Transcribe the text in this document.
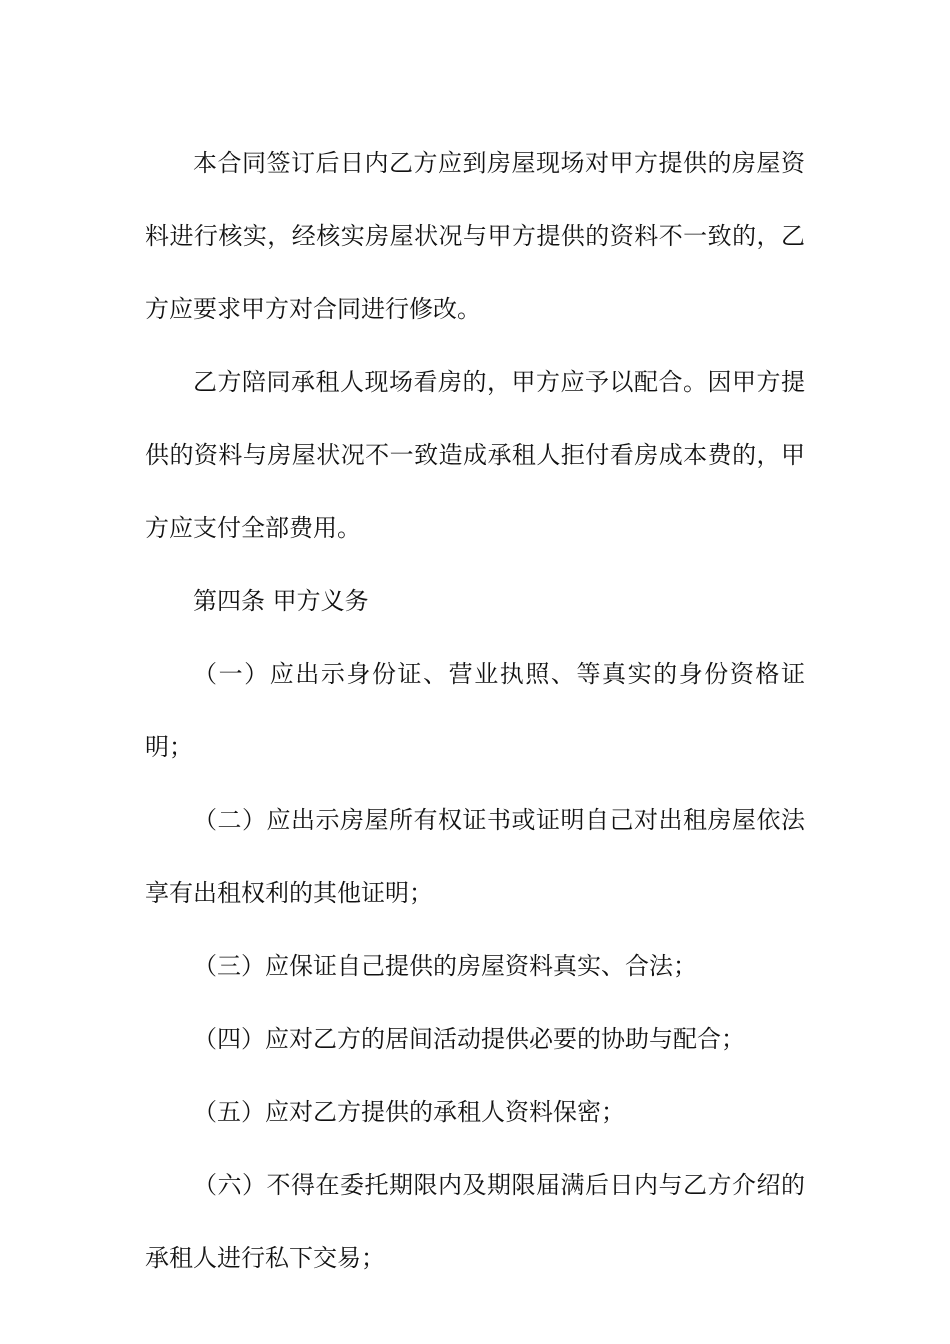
本合同签订后日内乙方应到房屋现场对甲方提供的房屋资料进行核实，经核实房屋状况与甲方提供的资料不一致的，乙方应要求甲方对合同进行修改。

乙方陪同承租人现场看房的，甲方应予以配合。因甲方提供的资料与房屋状况不一致造成承租人拒付看房成本费的，甲方应支付全部费用。

第四条 甲方义务

（一）应出示身份证、营业执照、等真实的身份资格证明；

（二）应出示房屋所有权证书或证明自己对出租房屋依法享有出租权利的其他证明；

（三）应保证自己提供的房屋资料真实、合法；

（四）应对乙方的居间活动提供必要的协助与配合；

（五）应对乙方提供的承租人资料保密；

（六）不得在委托期限内及期限届满后日内与乙方介绍的承租人进行私下交易；
